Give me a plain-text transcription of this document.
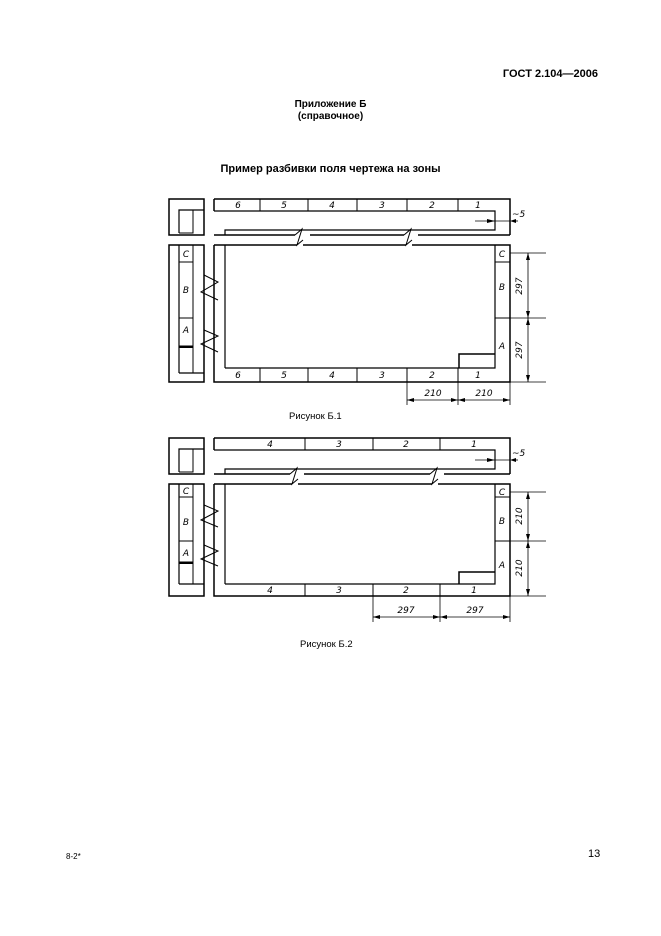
ГОСТ 2.104—2006
Приложение Б
(справочное)
Пример разбивки поля чертежа на зоны
6	5	4	3	2	1
6	5	4	3	2	1
C
B
A
C
B
A
~5
210	210
297
297
4	3	2	1
4	3	2	1
C
B
A
C
B
A
~5
297	297
210
210
Рисунок Б.1
Рисунок Б.2
8-2*	13
